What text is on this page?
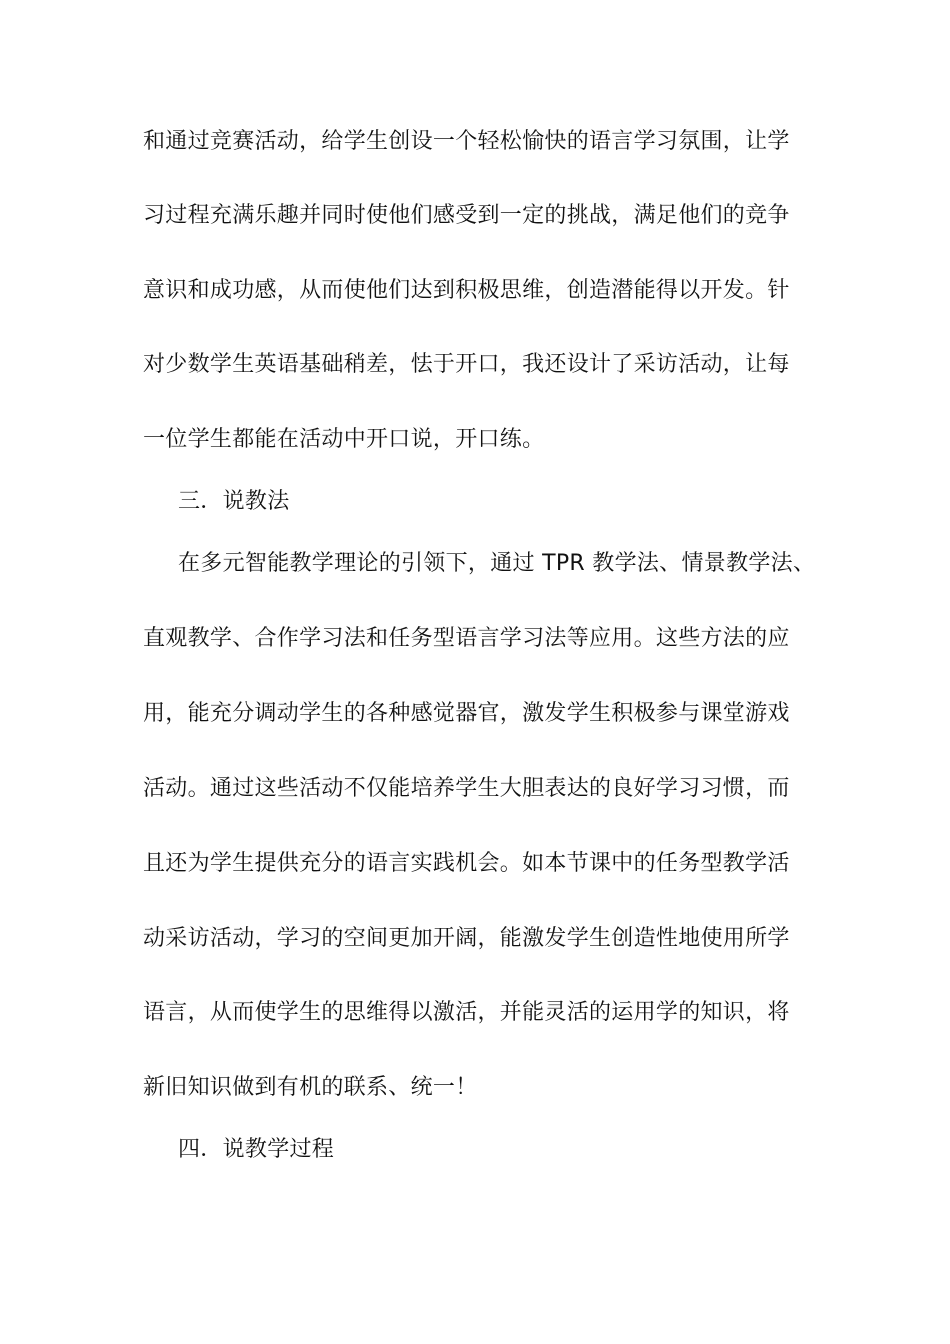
和通过竞赛活动，给学生创设一个轻松愉快的语言学习氛围，让学

习过程充满乐趣并同时使他们感受到一定的挑战，满足他们的竞争

意识和成功感，从而使他们达到积极思维，创造潜能得以开发。针

对少数学生英语基础稍差，怯于开口，我还设计了采访活动，让每

一位学生都能在活动中开口说，开口练。

三．说教法

在多元智能教学理论的引领下，通过 TPR 教学法、情景教学法、

直观教学、合作学习法和任务型语言学习法等应用。这些方法的应

用，能充分调动学生的各种感觉器官，激发学生积极参与课堂游戏

活动。通过这些活动不仅能培养学生大胆表达的良好学习习惯，而

且还为学生提供充分的语言实践机会。如本节课中的任务型教学活

动采访活动，学习的空间更加开阔，能激发学生创造性地使用所学

语言，从而使学生的思维得以激活，并能灵活的运用学的知识，将

新旧知识做到有机的联系、统一！

四．说教学过程
